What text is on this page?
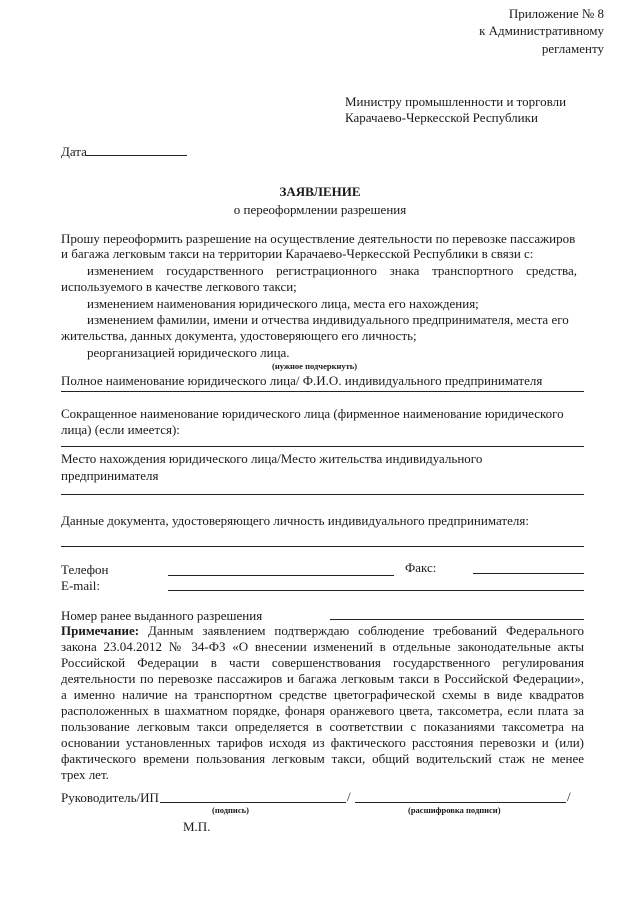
Приложение № 8
к Административному
регламенту
Министру промышленности и торговли
Карачаево-Черкесской Республики
Дата
ЗАЯВЛЕНИЕ
о переоформлении разрешения
Прошу переоформить разрешение на осуществление деятельности по перевозке пассажиров
и багажа легковым такси на территории Карачаево-Черкесской Республики в связи с:
изменением государственного регистрационного знака транспортного средства,
используемого в качестве легкового такси;
изменением наименования юридического лица, места его нахождения;
изменением фамилии, имени и отчества индивидуального предпринимателя, места его
жительства, данных документа, удостоверяющего его личность;
реорганизацией юридического лица.
(нужное подчеркнуть)
Полное наименование юридического лица/ Ф.И.О. индивидуального предпринимателя
Сокращенное наименование юридического лица (фирменное наименование юридического
лица) (если имеется):
Место нахождения юридического лица/Место жительства индивидуального
предпринимателя
Данные документа, удостоверяющего личность индивидуального предпринимателя:
Телефон	Факс:
E-mail:
Номер ранее выданного разрешения
Примечание: Данным заявлением подтверждаю соблюдение требований Федерального
закона 23.04.2012 № 34-ФЗ «О внесении изменений в отдельные законодательные акты
Российской Федерации в части совершенствования государственного регулирования
деятельности по перевозке пассажиров и багажа легковым такси в Российской Федерации»,
а именно наличие на транспортном средстве цветографической схемы в виде квадратов
расположенных в шахматном порядке, фонаря оранжевого цвета, таксометра, если плата за
пользование легковым такси определяется в соответствии с показаниями таксометра на
основании установленных тарифов исходя из фактического расстояния перевозки и (или)
фактического времени пользования легковым такси, общий водительский стаж не менее
трех лет.
Руководитель/ИП	/	/
(подпись)	(расшифровка подписи)
М.П.
